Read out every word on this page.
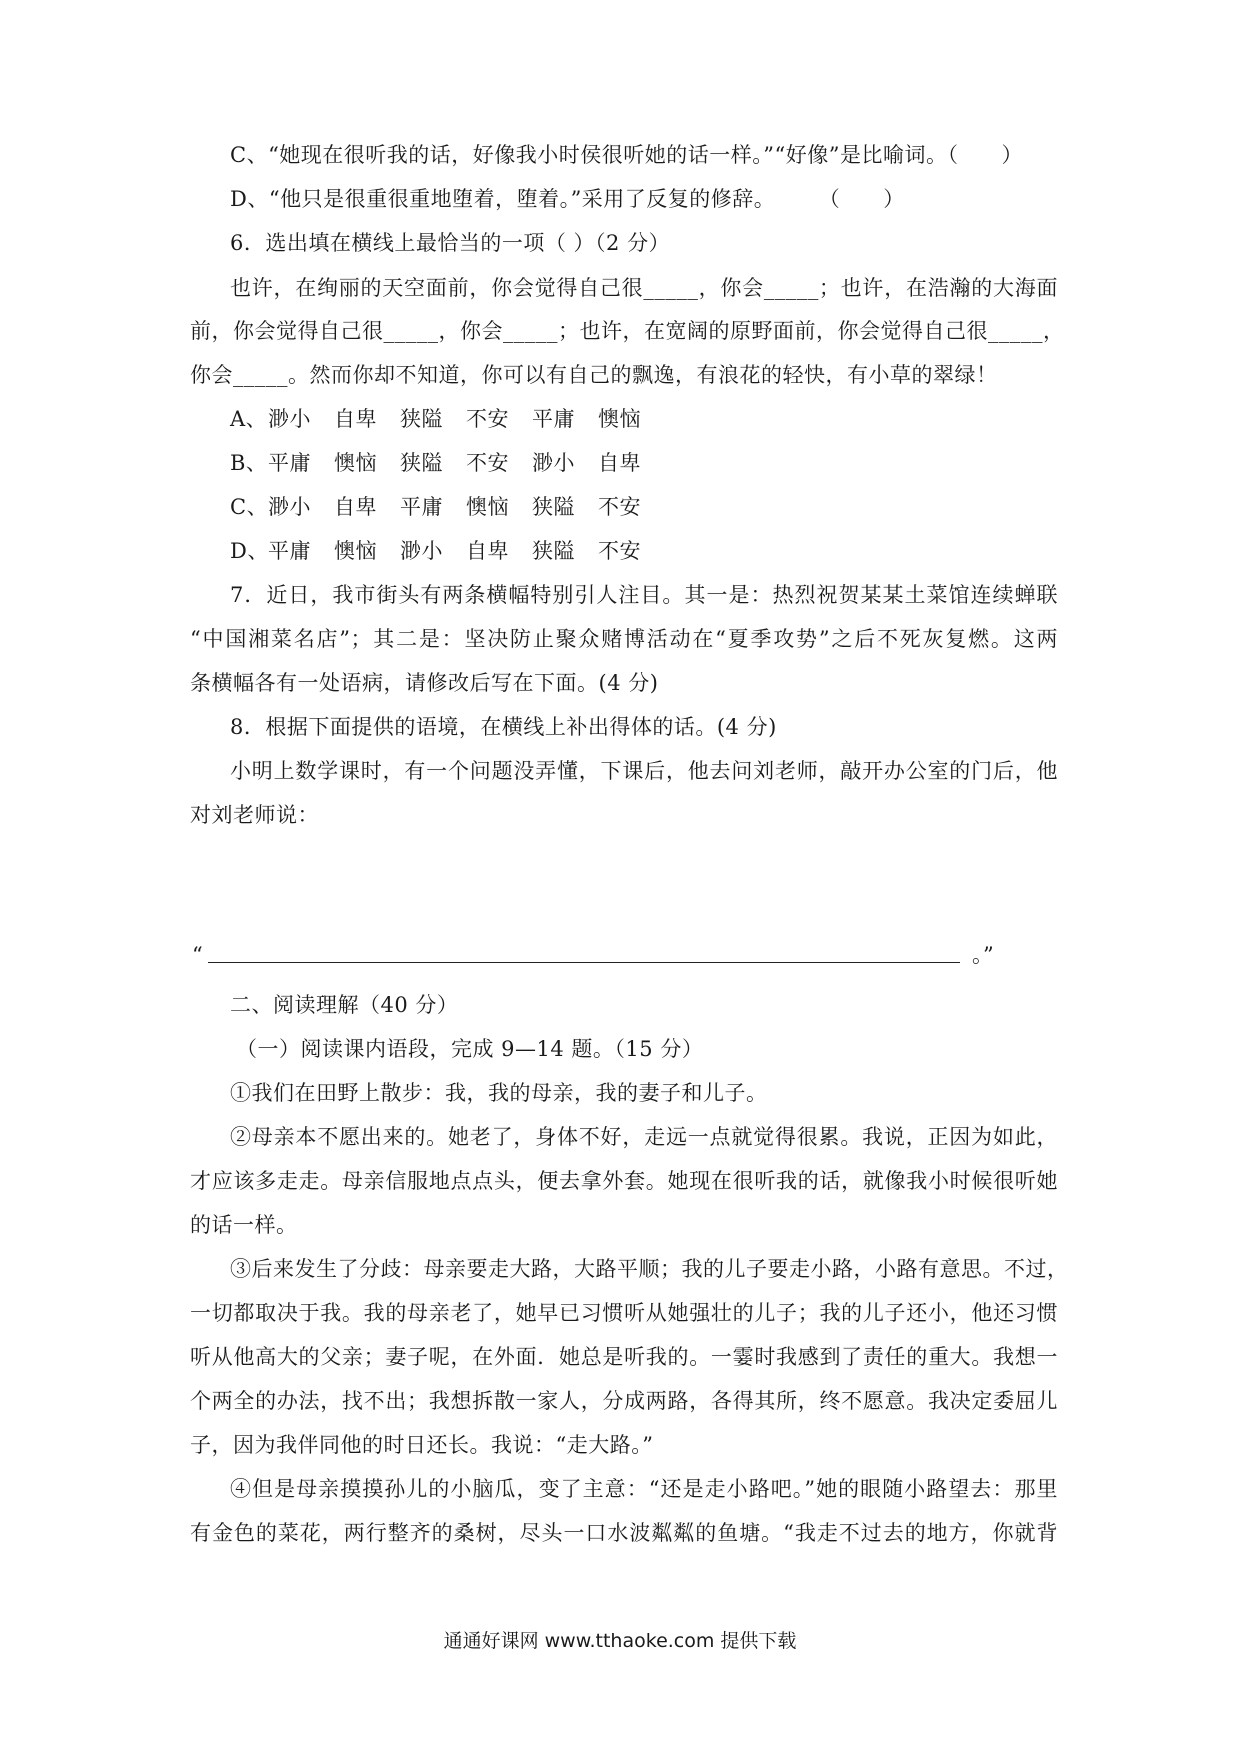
C、“她现在很听我的话，好像我小时侯很听她的话一样。”“好像”是比喻词。（　　）
D、“他只是很重很重地堕着，堕着。”采用了反复的修辞。　　　（　　）
6．选出填在横线上最恰当的一项（ ）（2 分）
也许，在绚丽的天空面前，你会觉得自己很_____，你会_____；也许，在浩瀚的大海面
前，你会觉得自己很_____，你会_____；也许，在宽阔的原野面前，你会觉得自己很_____，
你会_____。然而你却不知道，你可以有自己的飘逸，有浪花的轻快，有小草的翠绿！
A、渺小 自卑 狭隘 不安 平庸 懊恼
B、平庸 懊恼 狭隘 不安 渺小 自卑
C、渺小 自卑 平庸 懊恼 狭隘 不安
D、平庸 懊恼 渺小 自卑 狭隘 不安
7．近日，我市街头有两条横幅特别引人注目。其一是：热烈祝贺某某土菜馆连续蝉联
“中国湘菜名店”；其二是：坚决防止聚众赌博活动在“夏季攻势”之后不死灰复燃。这两
条横幅各有一处语病，请修改后写在下面。(4 分)
8．根据下面提供的语境，在横线上补出得体的话。(4 分)
小明上数学课时，有一个问题没弄懂，下课后，他去问刘老师，敲开办公室的门后，他
对刘老师说：
“	。”
二、阅读理解（40 分）
（一）阅读课内语段，完成 9—14 题。（15 分）
①我们在田野上散步：我，我的母亲，我的妻子和儿子。
②母亲本不愿出来的。她老了，身体不好，走远一点就觉得很累。我说，正因为如此，
才应该多走走。母亲信服地点点头，便去拿外套。她现在很听我的话，就像我小时候很听她
的话一样。
③后来发生了分歧：母亲要走大路，大路平顺；我的儿子要走小路，小路有意思。不过，
一切都取决于我。我的母亲老了，她早已习惯听从她强壮的儿子；我的儿子还小，他还习惯
听从他高大的父亲；妻子呢，在外面．她总是听我的。一霎时我感到了责任的重大。我想一
个两全的办法，找不出；我想拆散一家人，分成两路，各得其所，终不愿意。我决定委屈儿
子，因为我伴同他的时日还长。我说：“走大路。”
④但是母亲摸摸孙儿的小脑瓜，变了主意：“还是走小路吧。”她的眼随小路望去：那里
有金色的菜花，两行整齐的桑树，尽头一口水波粼粼的鱼塘。“我走不过去的地方，你就背
通通好课网 www.tthaoke.com 提供下载
